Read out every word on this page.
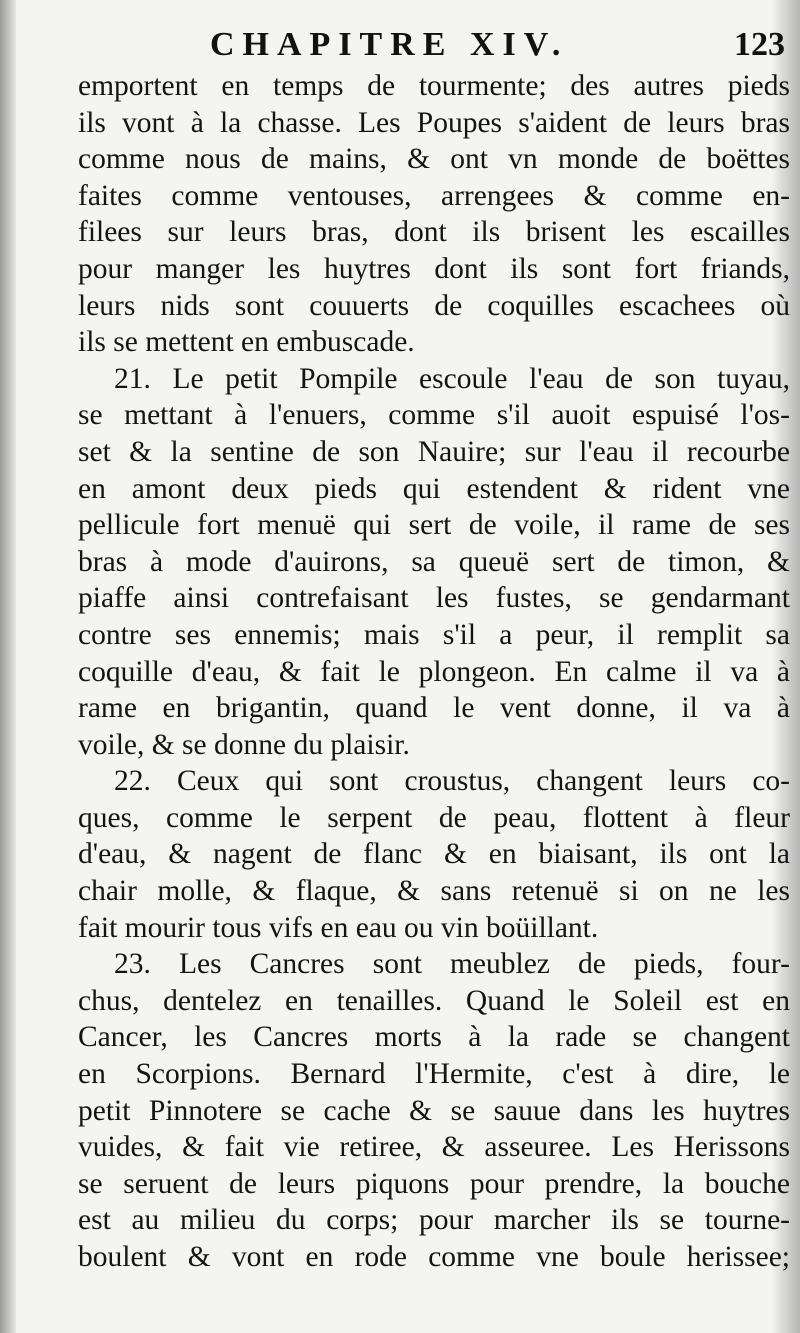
CHAPITRE XIV.	123
emportent en temps de tourmente; des autres pieds
ils vont à la chasse. Les Poupes s'aident de leurs bras
comme nous de mains, & ont vn monde de boëttes
faites comme ventouses, arrengees & comme en-
filees sur leurs bras, dont ils brisent les escailles
pour manger les huytres dont ils sont fort friands,
leurs nids sont couuerts de coquilles escachees où
ils se mettent en embuscade.
21. Le petit Pompile escoule l'eau de son tuyau,
se mettant à l'enuers, comme s'il auoit espuisé l'os-
set & la sentine de son Nauire; sur l'eau il recourbe
en amont deux pieds qui estendent & rident vne
pellicule fort menuë qui sert de voile, il rame de ses
bras à mode d'auirons, sa queuë sert de timon, &
piaffe ainsi contrefaisant les fustes, se gendarmant
contre ses ennemis; mais s'il a peur, il remplit sa
coquille d'eau, & fait le plongeon. En calme il va à
rame en brigantin, quand le vent donne, il va à
voile, & se donne du plaisir.
22. Ceux qui sont croustus, changent leurs co-
ques, comme le serpent de peau, flottent à fleur
d'eau, & nagent de flanc & en biaisant, ils ont la
chair molle, & flaque, & sans retenuë si on ne les
fait mourir tous vifs en eau ou vin boüillant.
23. Les Cancres sont meublez de pieds, four-
chus, dentelez en tenailles. Quand le Soleil est en
Cancer, les Cancres morts à la rade se changent
en Scorpions. Bernard l'Hermite, c'est à dire, le
petit Pinnotere se cache & se sauue dans les huytres
vuides, & fait vie retiree, & asseuree. Les Herissons
se seruent de leurs piquons pour prendre, la bouche
est au milieu du corps; pour marcher ils se tourne-
boulent & vont en rode comme vne boule herissee;
